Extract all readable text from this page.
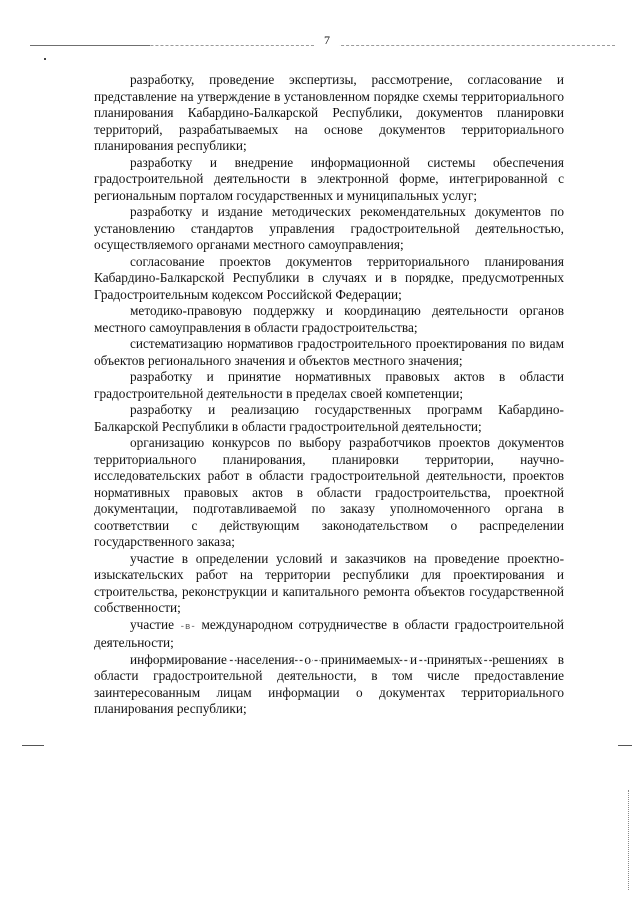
7

разработку, проведение экспертизы, рассмотрение, согласование и представление на утверждение в установленном порядке схемы территориального планирования Кабардино-Балкарской Республики, документов планировки территорий, разрабатываемых на основе документов территориального планирования республики;

разработку и внедрение информационной системы обеспечения градостроительной деятельности в электронной форме, интегрированной с региональным порталом государственных и муниципальных услуг;

разработку и издание методических рекомендательных документов по установлению стандартов управления градостроительной деятельностью, осуществляемого органами местного самоуправления;

согласование проектов документов территориального планирования Кабардино-Балкарской Республики в случаях и в порядке, предусмотренных Градостроительным кодексом Российской Федерации;

методико-правовую поддержку и координацию деятельности органов местного самоуправления в области градостроительства;

систематизацию нормативов градостроительного проектирования по видам объектов регионального значения и объектов местного значения;

разработку и принятие нормативных правовых актов в области градостроительной деятельности в пределах своей компетенции;

разработку и реализацию государственных программ Кабардино-Балкарской Республики в области градостроительной деятельности;

организацию конкурсов по выбору разработчиков проектов документов территориального планирования, планировки территории, научно-исследовательских работ в области градостроительной деятельности, проектов нормативных правовых актов в области градостроительства, проектной документации, подготавливаемой по заказу уполномоченного органа в соответствии с действующим законодательством о распределении государственного заказа;

участие в определении условий и заказчиков на проведение проектно-изыскательских работ на территории республики для проектирования и строительства, реконструкции и капитального ремонта объектов государственной собственности;

участие -в- международном сотрудничестве в области градостроительной деятельности;

информирование населения о принимаемых и принятых решениях в области градостроительной деятельности, в том числе предоставление заинтересованным лицам информации о документах территориального планирования республики;
